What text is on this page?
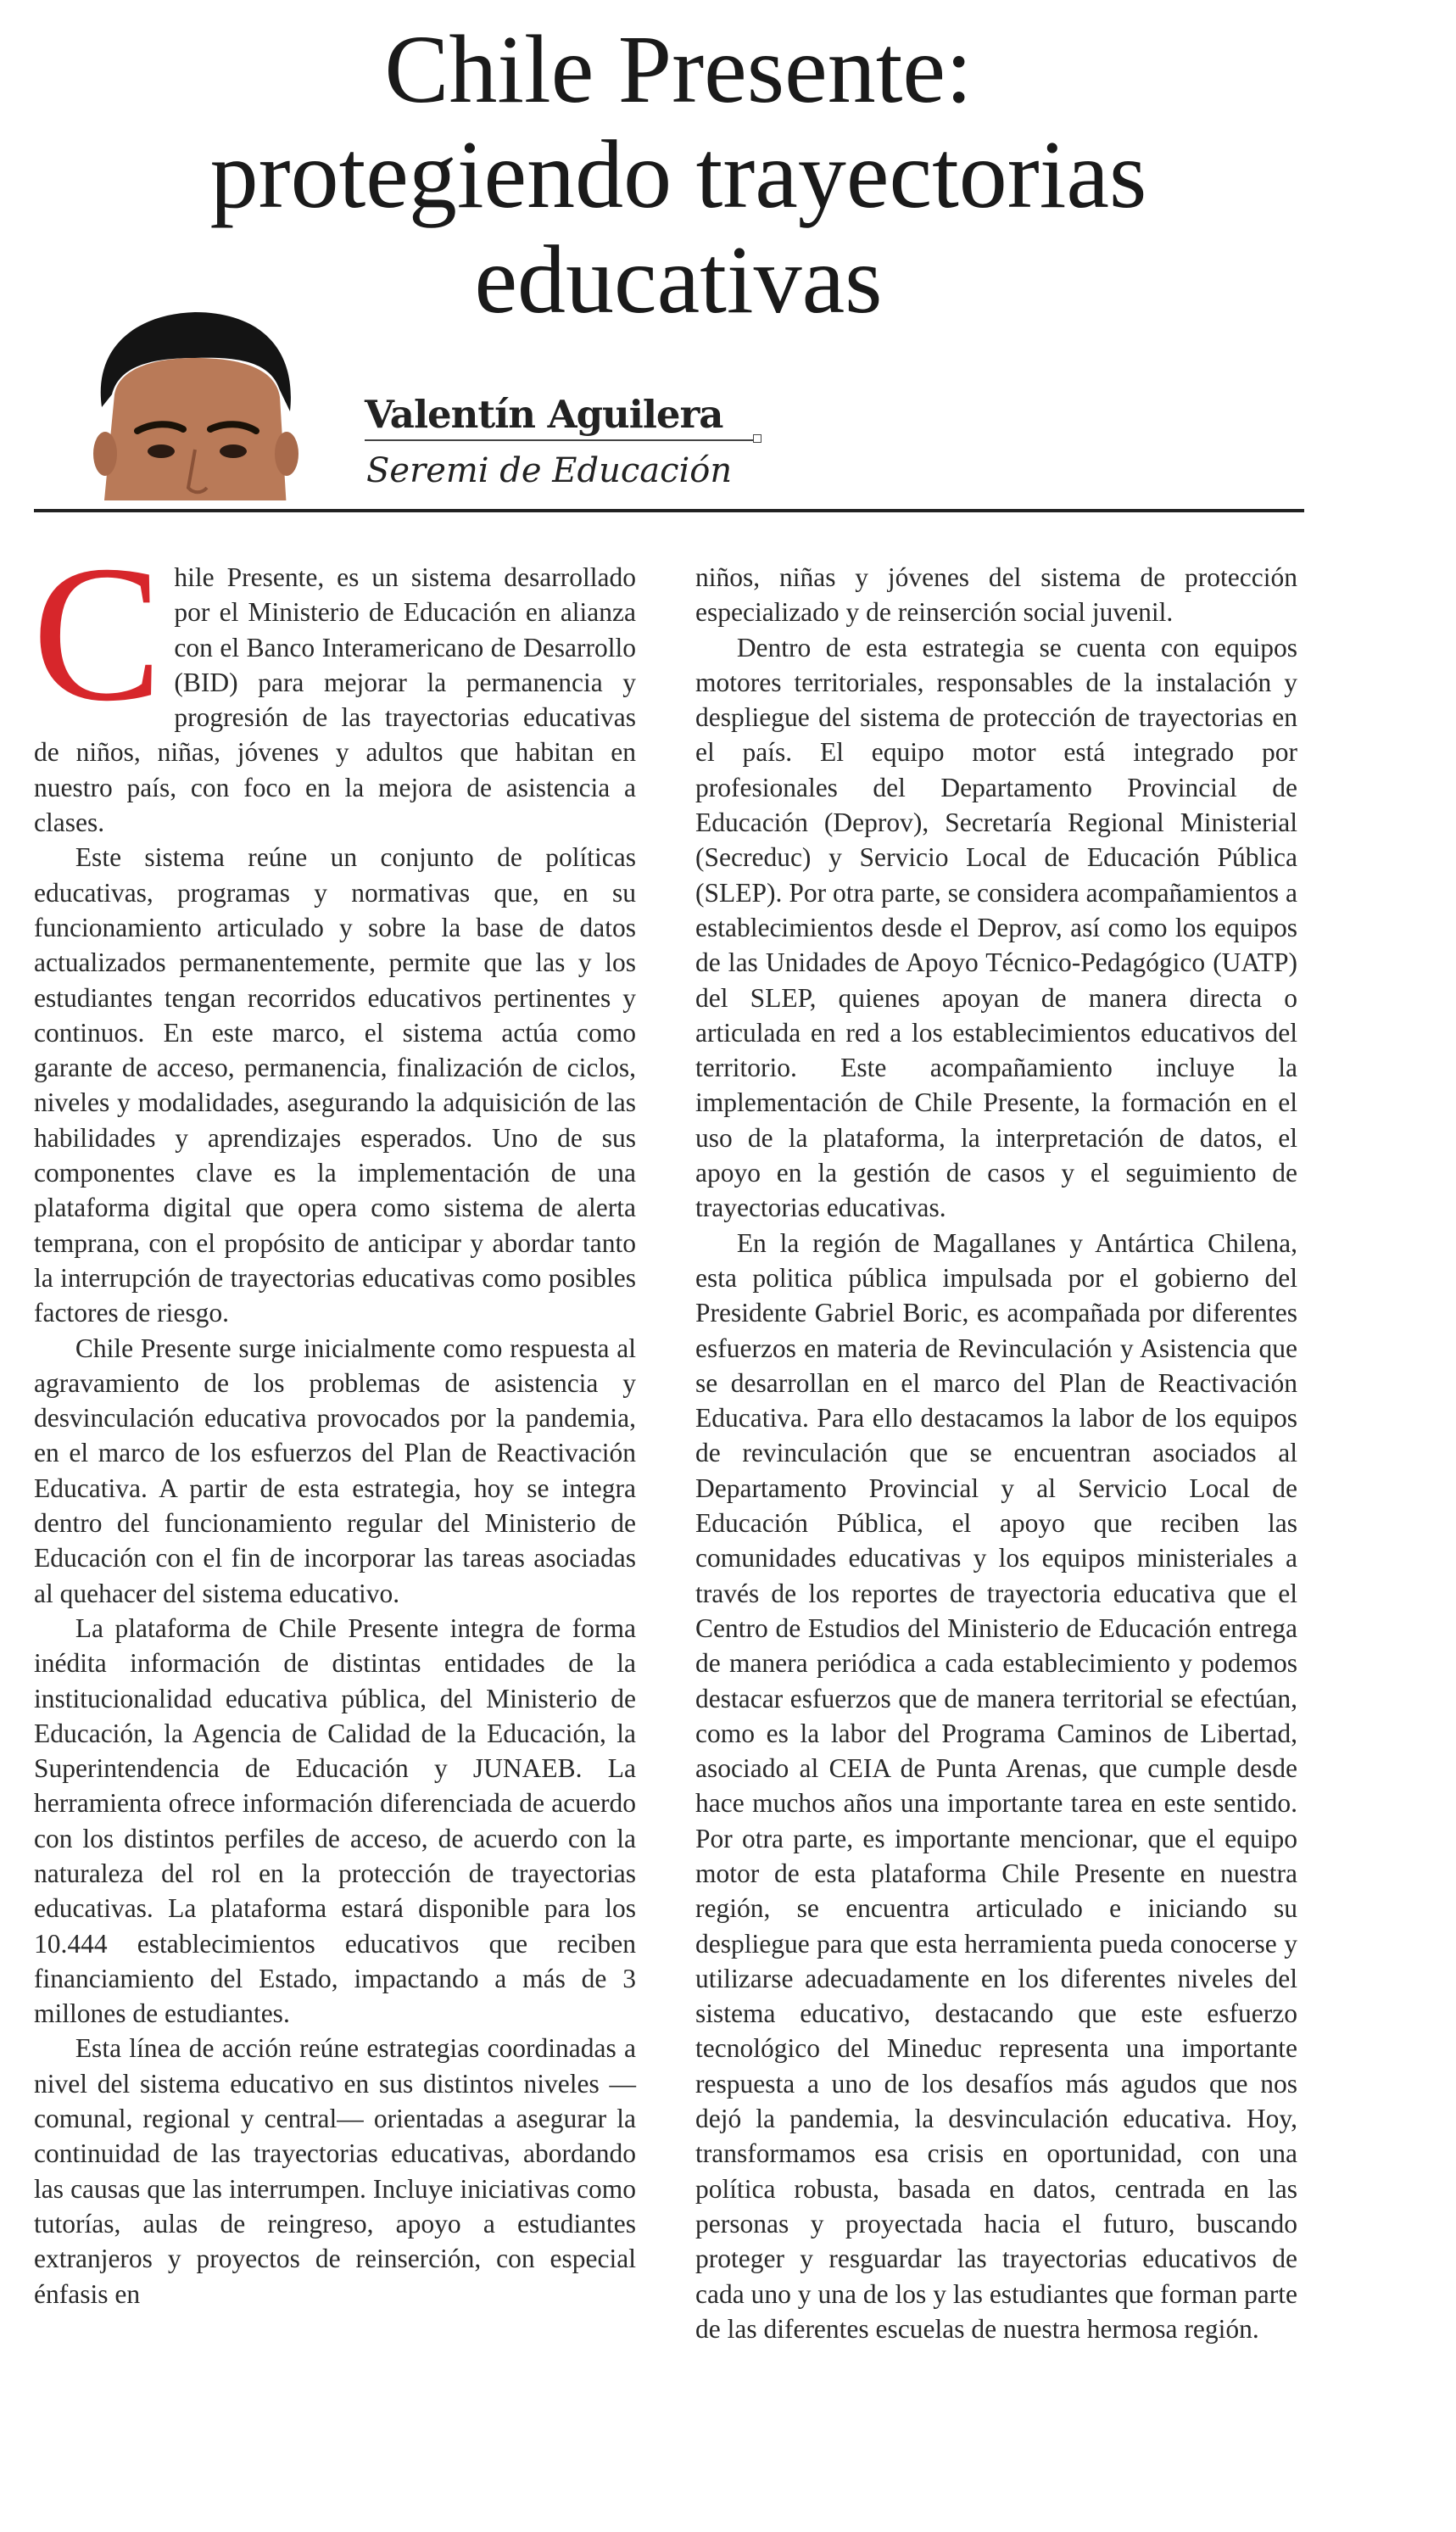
Chile Presente:
protegiendo trayectorias
educativas
Valentín Aguilera
Seremi de Educación

Chile Presente, es un sistema desarrollado por el Ministerio de Educación en alianza con el Banco Interamericano de Desarrollo (BID) para mejorar la permanencia y progresión de las trayectorias educativas de niños, niñas, jóvenes y adultos que habitan en nuestro país, con foco en la mejora de asistencia a clases.

Este sistema reúne un conjunto de políticas educativas, programas y normativas que, en su funcionamiento articulado y sobre la base de datos actualizados permanentemente, permite que las y los estudiantes tengan recorridos educativos pertinentes y continuos. En este marco, el sistema actúa como garante de acceso, permanencia, finalización de ciclos, niveles y modalidades, asegurando la adquisición de las habilidades y aprendizajes esperados. Uno de sus componentes clave es la implementación de una plataforma digital que opera como sistema de alerta temprana, con el propósito de anticipar y abordar tanto la interrupción de trayectorias educativas como posibles factores de riesgo.

Chile Presente surge inicialmente como respuesta al agravamiento de los problemas de asistencia y desvinculación educativa provocados por la pandemia, en el marco de los esfuerzos del Plan de Reactivación Educativa. A partir de esta estrategia, hoy se integra dentro del funcionamiento regular del Ministerio de Educación con el fin de incorporar las tareas asociadas al quehacer del sistema educativo.

La plataforma de Chile Presente integra de forma inédita información de distintas entidades de la institucionalidad educativa pública, del Ministerio de Educación, la Agencia de Calidad de la Educación, la Superintendencia de Educación y JUNAEB. La herramienta ofrece información diferenciada de acuerdo con los distintos perfiles de acceso, de acuerdo con la naturaleza del rol en la protección de trayectorias educativas. La plataforma estará disponible para los 10.444 establecimientos educativos que reciben financiamiento del Estado, impactando a más de 3 millones de estudiantes.

Esta línea de acción reúne estrategias coordinadas a nivel del sistema educativo en sus distintos niveles —comunal, regional y central— orientadas a asegurar la continuidad de las trayectorias educativas, abordando las causas que las interrumpen. Incluye iniciativas como tutorías, aulas de reingreso, apoyo a estudiantes extranjeros y proyectos de reinserción, con especial énfasis en

niños, niñas y jóvenes del sistema de protección especializado y de reinserción social juvenil.

Dentro de esta estrategia se cuenta con equipos motores territoriales, responsables de la instalación y despliegue del sistema de protección de trayectorias en el país. El equipo motor está integrado por profesionales del Departamento Provincial de Educación (Deprov), Secretaría Regional Ministerial (Secreduc) y Servicio Local de Educación Pública (SLEP). Por otra parte, se considera acompañamientos a establecimientos desde el Deprov, así como los equipos de las Unidades de Apoyo Técnico-Pedagógico (UATP) del SLEP, quienes apoyan de manera directa o articulada en red a los establecimientos educativos del territorio. Este acompañamiento incluye la implementación de Chile Presente, la formación en el uso de la plataforma, la interpretación de datos, el apoyo en la gestión de casos y el seguimiento de trayectorias educativas.

En la región de Magallanes y Antártica Chilena, esta politica pública impulsada por el gobierno del Presidente Gabriel Boric, es acompañada por diferentes esfuerzos en materia de Revinculación y Asistencia que se desarrollan en el marco del Plan de Reactivación Educativa. Para ello destacamos la labor de los equipos de revinculación que se encuentran asociados al Departamento Provincial y al Servicio Local de Educación Pública, el apoyo que reciben las comunidades educativas y los equipos ministeriales a través de los reportes de trayectoria educativa que el Centro de Estudios del Ministerio de Educación entrega de manera periódica a cada establecimiento y podemos destacar esfuerzos que de manera territorial se efectúan, como es la labor del Programa Caminos de Libertad, asociado al CEIA de Punta Arenas, que cumple desde hace muchos años una importante tarea en este sentido. Por otra parte, es importante mencionar, que el equipo motor de esta plataforma Chile Presente en nuestra región, se encuentra articulado e iniciando su despliegue para que esta herramienta pueda conocerse y utilizarse adecuadamente en los diferentes niveles del sistema educativo, destacando que este esfuerzo tecnológico del Mineduc representa una importante respuesta a uno de los desafíos más agudos que nos dejó la pandemia, la desvinculación educativa. Hoy, transformamos esa crisis en oportunidad, con una política robusta, basada en datos, centrada en las personas y proyectada hacia el futuro, buscando proteger y resguardar las trayectorias educativos de cada uno y una de los y las estudiantes que forman parte de las diferentes escuelas de nuestra hermosa región.
